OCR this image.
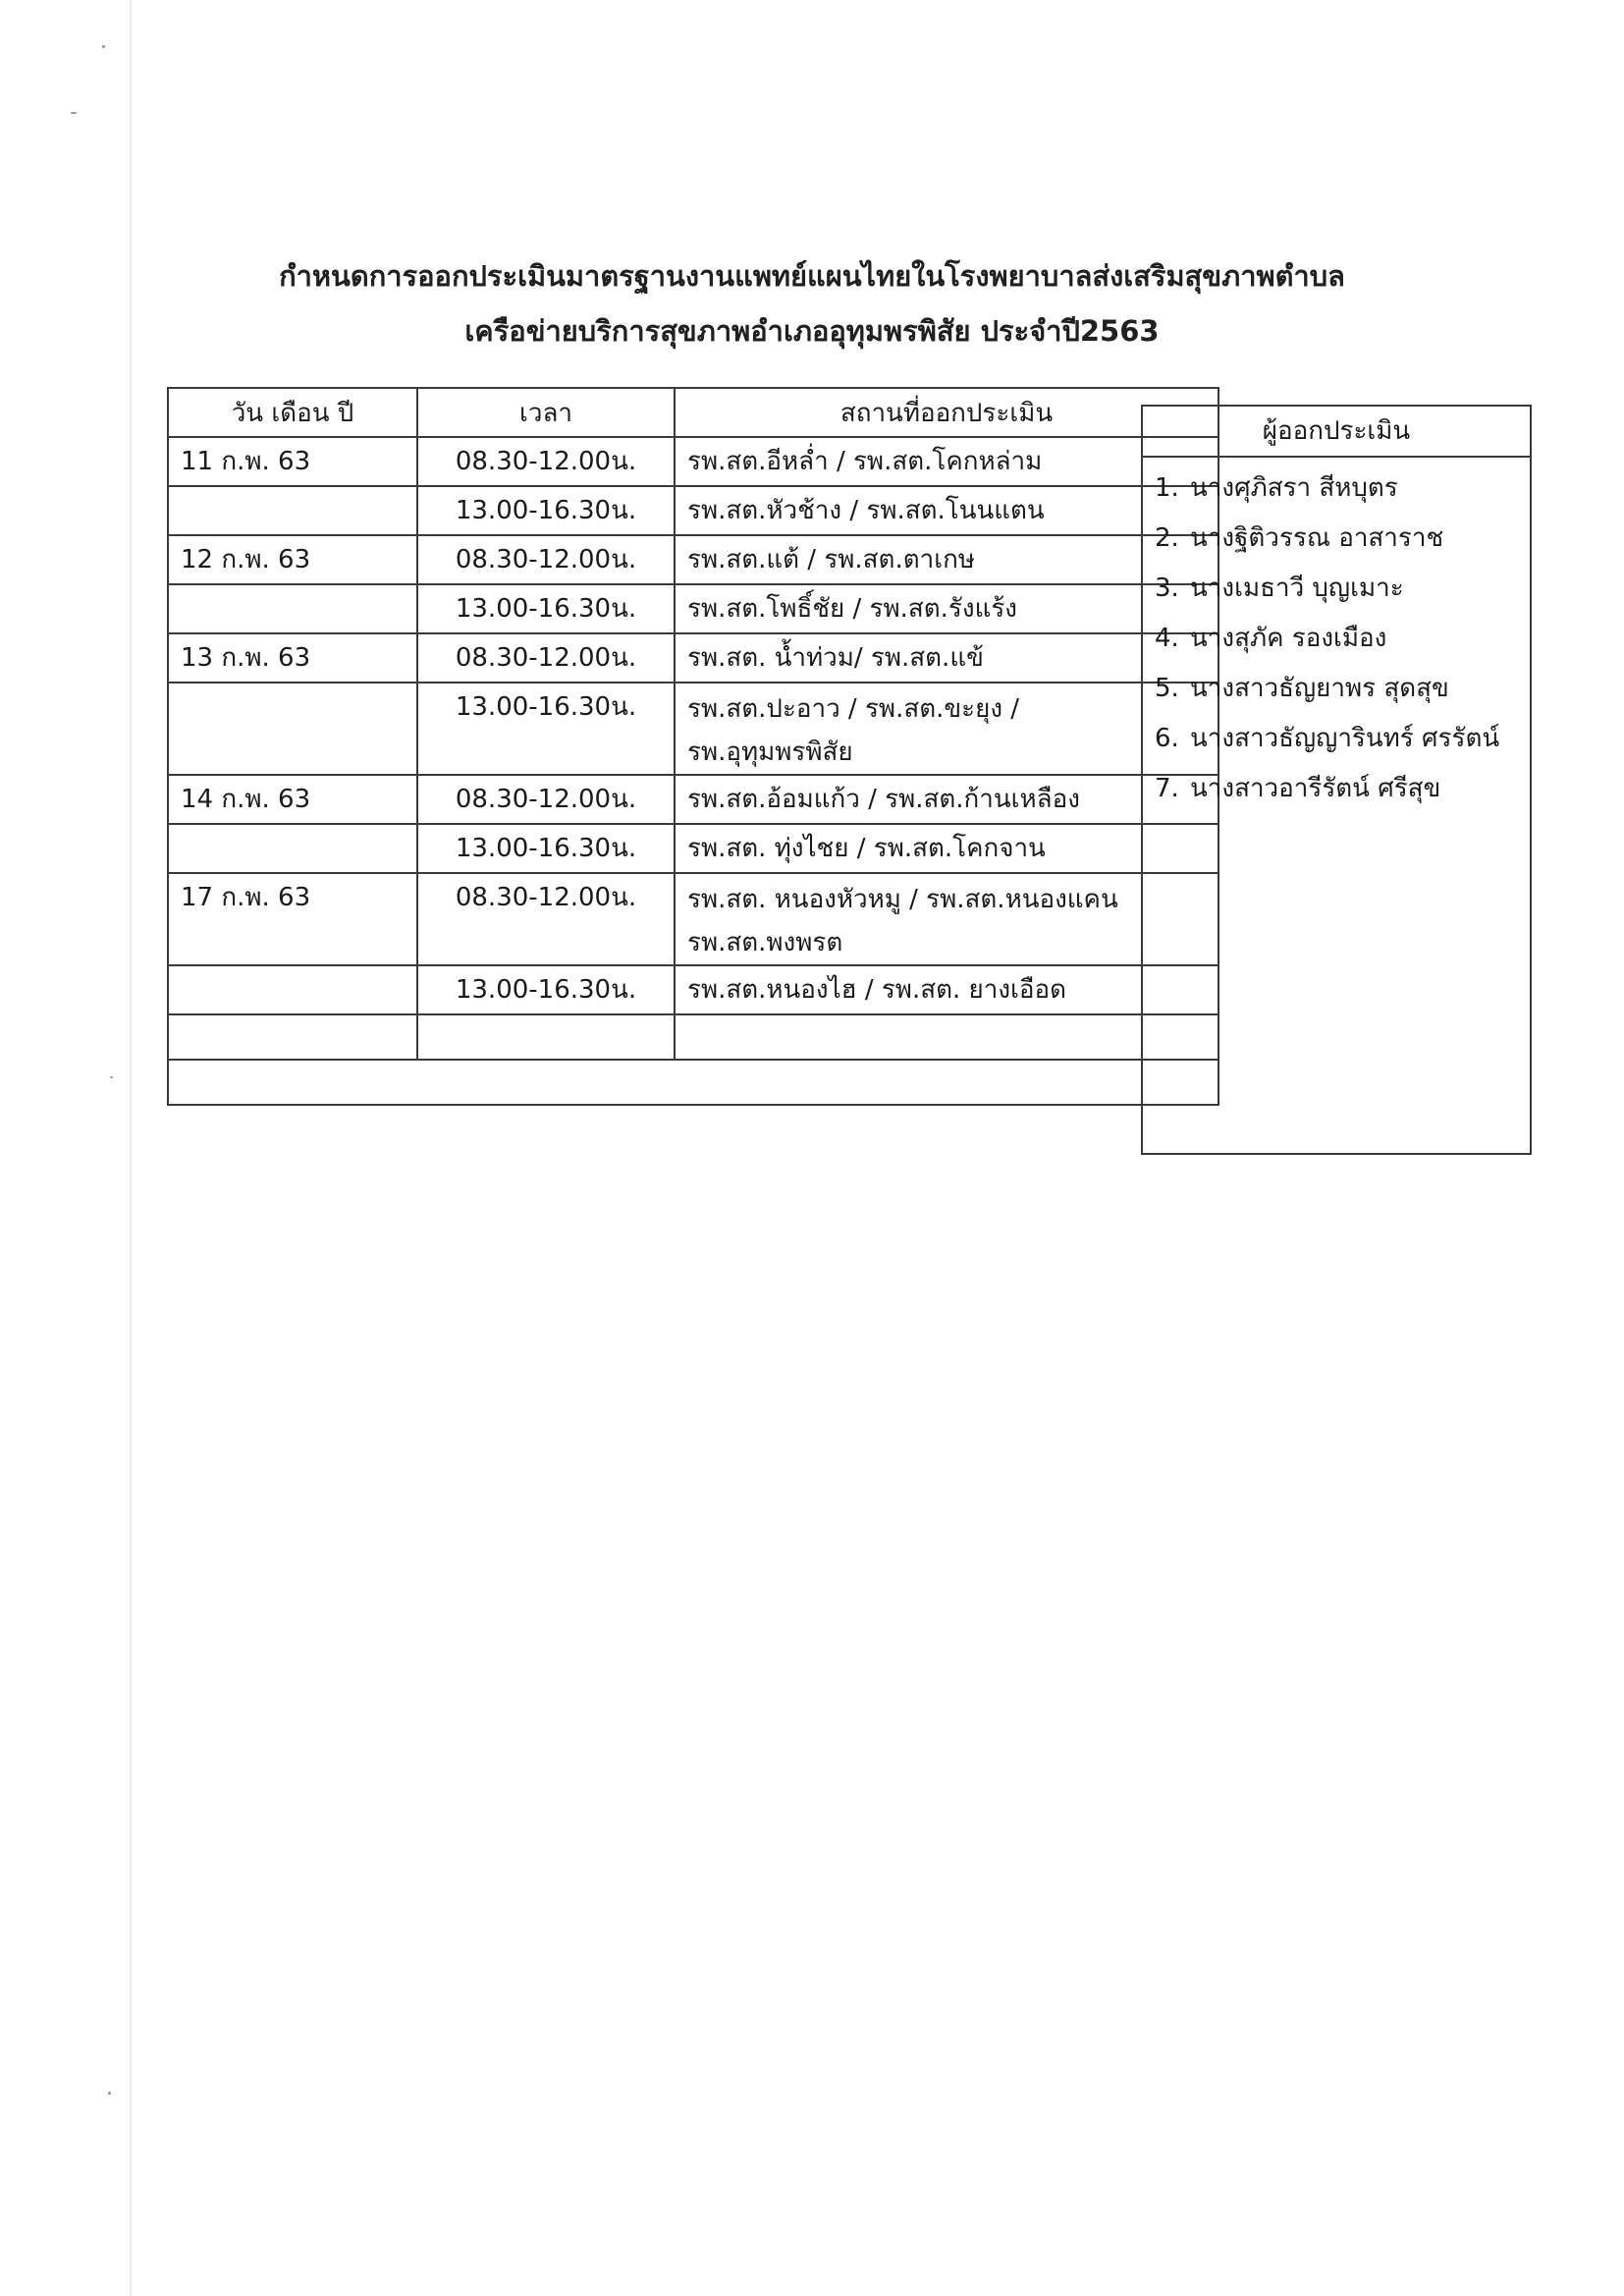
กำหนดการออกประเมินมาตรฐานงานแพทย์แผนไทยในโรงพยาบาลส่งเสริมสุขภาพตำบล
เครือข่ายบริการสุขภาพอำเภออุทุมพรพิสัย ประจำปี2563
วัน เดือน ปี	เวลา	สถานที่ออกประเมิน
11 ก.พ. 63	08.30-12.00น.	รพ.สต.อีหล่ำ / รพ.สต.โคกหล่าม
	13.00-16.30น.	รพ.สต.หัวช้าง / รพ.สต.โนนแตน
12 ก.พ. 63	08.30-12.00น.	รพ.สต.แต้ / รพ.สต.ตาเกษ
	13.00-16.30น.	รพ.สต.โพธิ์ชัย / รพ.สต.รังแร้ง
13 ก.พ. 63	08.30-12.00น.	รพ.สต. น้ำท่วม/ รพ.สต.แข้
	13.00-16.30น.	รพ.สต.ปะอาว / รพ.สต.ขะยุง /
รพ.อุทุมพรพิสัย

14 ก.พ. 63	08.30-12.00น.	รพ.สต.อ้อมแก้ว / รพ.สต.ก้านเหลือง
	13.00-16.30น.	รพ.สต. ทุ่งไชย / รพ.สต.โคกจาน
17 ก.พ. 63	08.30-12.00น.	รพ.สต. หนองหัวหมู / รพ.สต.หนองแคน
รพ.สต.พงพรต

	13.00-16.30น.	รพ.สต.หนองไฮ / รพ.สต. ยางเอือด

ผู้ออกประเมิน
1. นางศุภิสรา สีหบุตร
2. นางฐิติวรรณ อาสาราช
3. นางเมธาวี บุญเมาะ
4. นางสุภัค รองเมือง
5. นางสาวธัญยาพร สุดสุข
6. นางสาวธัญญารินทร์ ศรรัตน์
7. นางสาวอารีรัตน์ ศรีสุข
